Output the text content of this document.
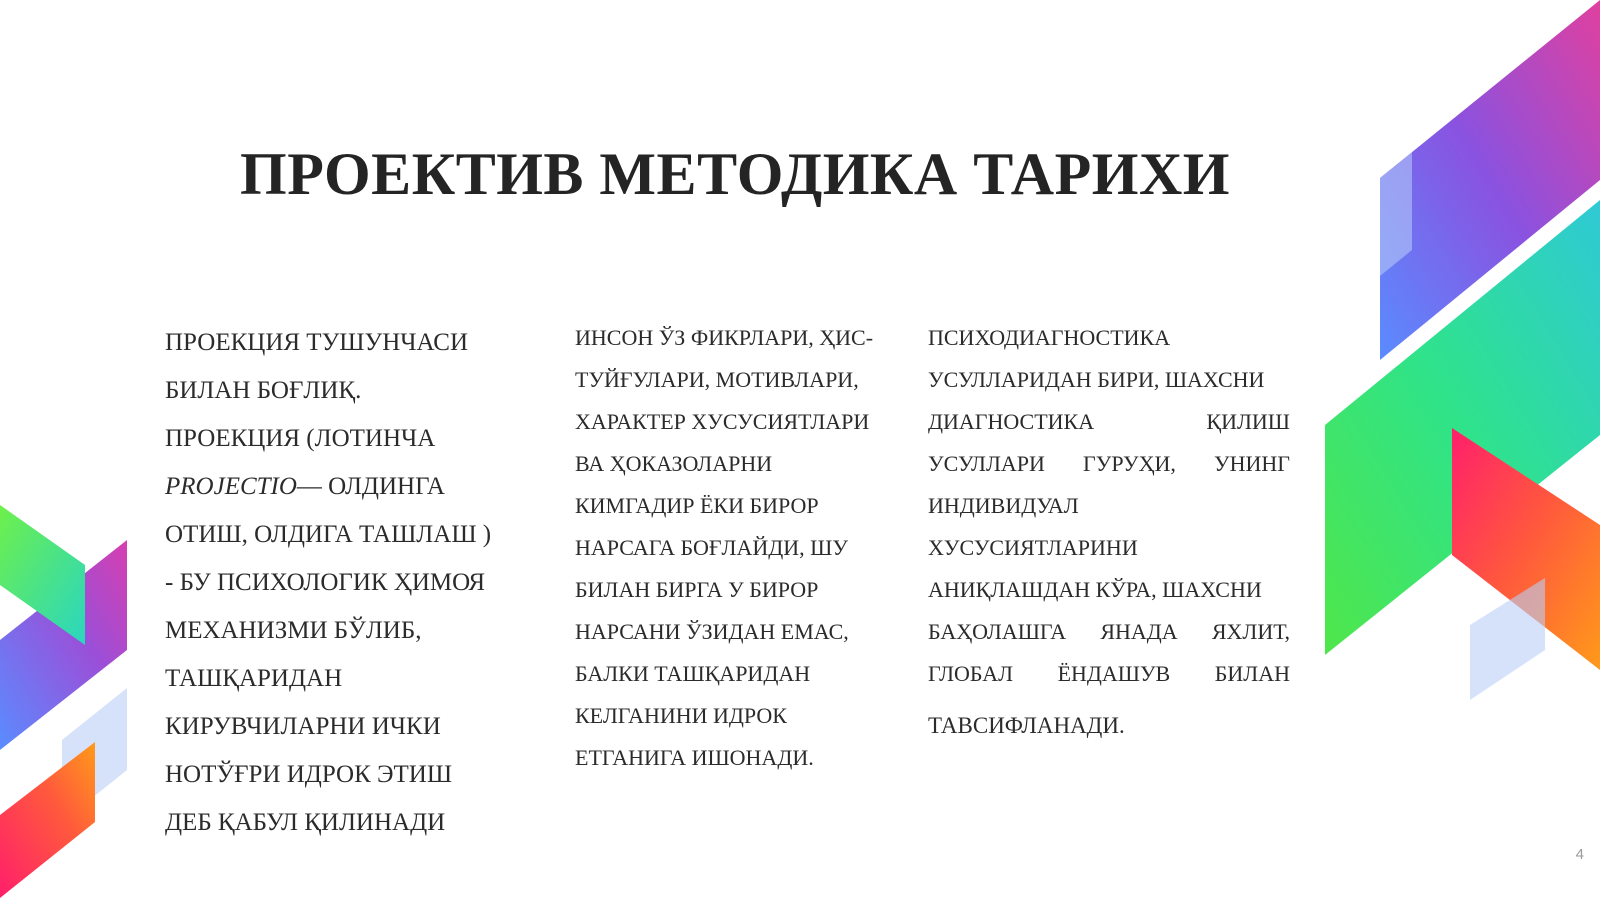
ПРОЕКТИВ МЕТОДИКА ТАРИХИ
ПРОЕКЦИЯ ТУШУНЧАСИ
БИЛАН БОҒЛИҚ.
ПРОЕКЦИЯ (ЛОТИНЧА
PROJECTIO— ОЛДИНГА
ОТИШ, ОЛДИГА ТАШЛАШ )
- БУ ПСИХОЛОГИК ҲИМОЯ
МЕХАНИЗМИ БЎЛИБ,
ТАШҚАРИДАН
КИРУВЧИЛАРНИ ИЧКИ
НОТЎҒРИ ИДРОК ЭТИШ
ДЕБ ҚАБУЛ ҚИЛИНАДИ
ИНСОН ЎЗ ФИКРЛАРИ, ҲИС-
ТУЙҒУЛАРИ, МОТИВЛАРИ,
ХАРАКТЕР ХУСУСИЯТЛАРИ
ВА ҲОКАЗОЛАРНИ
КИМГАДИР ЁКИ БИРОР
НАРСАГА БОҒЛАЙДИ, ШУ
БИЛАН БИРГА У БИРОР
НАРСАНИ ЎЗИДАН ЕМАС,
БАЛКИ ТАШҚАРИДАН
КЕЛГАНИНИ ИДРОК
ЕТГАНИГА ИШОНАДИ.
ПСИХОДИАГНОСТИКА
УСУЛЛАРИДАН БИРИ, ШАХСНИ
ДИАГНОСТИКА	ҚИЛИШ
УСУЛЛАРИ ГУРУҲИ, УНИНГ
ИНДИВИДУАЛ
ХУСУСИЯТЛАРИНИ
АНИҚЛАШДАН КЎРА, ШАХСНИ
БАҲОЛАШГА ЯНАДА ЯХЛИТ,
ГЛОБАЛ ЁНДАШУВ БИЛАН
ТАВСИФЛАНАДИ.
4
